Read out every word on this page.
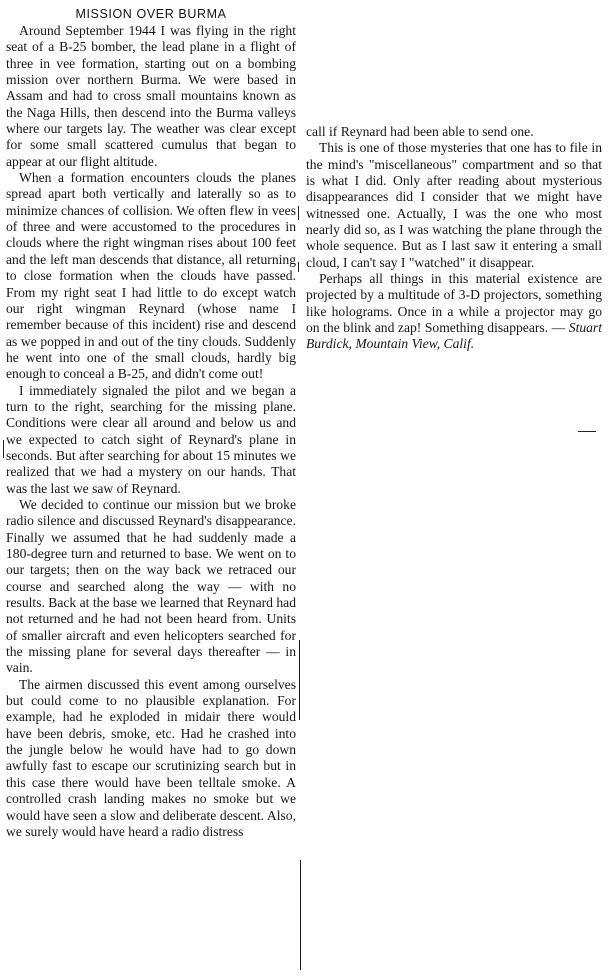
MISSION OVER BURMA

Around September 1944 I was flying in the right seat of a B-25 bomber, the lead plane in a flight of three in vee formation, starting out on a bombing mission over northern Burma. We were based in Assam and had to cross small mountains known as the Naga Hills, then descend into the Burma valleys where our targets lay. The weather was clear except for some small scattered cumulus that began to appear at our flight altitude.

When a formation encounters clouds the planes spread apart both vertically and laterally so as to minimize chances of collision. We often flew in vees of three and were accustomed to the procedures in clouds where the right wingman rises about 100 feet and the left man descends that distance, all returning to close formation when the clouds have passed. From my right seat I had little to do except watch our right wingman Reynard (whose name I remember because of this incident) rise and descend as we popped in and out of the tiny clouds. Suddenly he went into one of the small clouds, hardly big enough to conceal a B-25, and didn't come out!

I immediately signaled the pilot and we began a turn to the right, searching for the missing plane. Conditions were clear all around and below us and we expected to catch sight of Reynard's plane in seconds. But after searching for about 15 minutes we realized that we had a mystery on our hands. That was the last we saw of Reynard.

We decided to continue our mission but we broke radio silence and discussed Reynard's disappearance. Finally we assumed that he had suddenly made a 180-degree turn and returned to base. We went on to our targets; then on the way back we retraced our course and searched along the way — with no results. Back at the base we learned that Reynard had not returned and he had not been heard from. Units of smaller aircraft and even helicopters searched for the missing plane for several days thereafter — in vain.

The airmen discussed this event among ourselves but could come to no plausible explanation. For example, had he exploded in midair there would have been debris, smoke, etc. Had he crashed into the jungle below he would have had to go down awfully fast to escape our scrutinizing search but in this case there would have been telltale smoke. A controlled crash landing makes no smoke but we would have seen a slow and deliberate descent. Also, we surely would have heard a radio distress

call if Reynard had been able to send one.

This is one of those mysteries that one has to file in the mind's "miscellaneous" compartment and so that is what I did. Only after reading about mysterious disappearances did I consider that we might have witnessed one. Actually, I was the one who most nearly did so, as I was watching the plane through the whole sequence. But as I last saw it entering a small cloud, I can't say I "watched" it disappear.

Perhaps all things in this material existence are projected by a multitude of 3-D projectors, something like holograms. Once in a while a projector may go on the blink and zap! Something disappears. — Stuart Burdick, Mountain View, Calif.
